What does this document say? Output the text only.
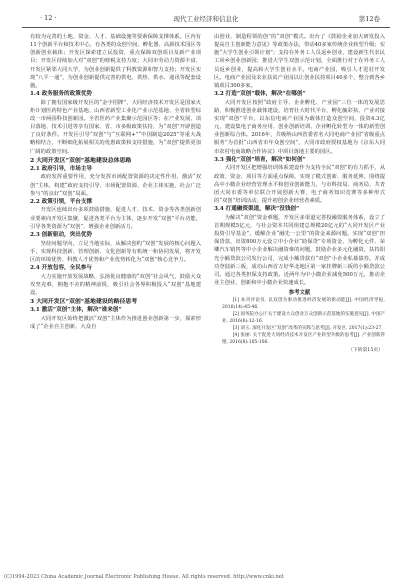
· 12 ·	现代工业经济和信息化	第12卷

有较为完善的土地、资金、人才、基础设施等要素保障支撑体系。区内有11个创新平台和技术中心，有各类的众创空间、孵化器、高新技术园区等创新创业载体；开发区探索建立民投资，重点保障双创项目及新产业项目；开发区持续加大对“双创”的财税支持力度；大同市劳动力资源丰富，开发区紧邻大同大学，为创业创新提供了科教资源和智力支持；开发区实现“八平一通”，为创业创新提供完善的供电、供热、供水、通讯等配套设施。

1.4 政务服务的政策优势

除了拥有国家级开发区的“金字招牌”，大同经济技术开发区是国家火炬计划医药特色产业基地、山西省新型工业化产业示范基地、全省转型综改一市两园科技创新园。全省医药产业集聚示范园区等；在产业发展、项目落地、技术引进等享有国家、省、市多级政策扶持，为“双创”开辟创造了良好条件。开发区引导“双创”与“互联网+”“中国制造2025”等重大战略相结合，不断细化拓展相关的优惠政策和支持措施，为“双创”提供更加广阔的政策空间。

2 大同开发区“双创”基地建设总体思路
2.1 政府引导，市场主导

政府发挥重要作用，充分发挥市场配置资源的决定性作用，激活“双创”主体，构建“政府支持引导、市场配置资源、企业主体实施、社会广泛参与”的良好“双创”局面。

2.2 政策引领，平台支撑

开发区连续出台多项鼓励措施、促进人才、技术、资金等各类创新创业要素向开发区集聚，促进各类平台为主体，逐步开发“双创”平台功能，引导各类资源为“双创”，增强企业创新活力。

2.3 创新驱动，突出优势

坚持问题导向，立足当地实际，从解决创约“双创”发展的核心问题入手，实现科技创新、管理创新、文化创新等有机统一和协同发展，将开发区的环境优势、科教人才优势和产业优势转化为“双创”核心竞争力。

2.4 开放包容，全民参与

大力实施开放发展战略，弘扬优良健康的“双创”社会风气，鼓励大众攻坚克难，拥抱不舍的精神前锐，吸引社会各界积极投入“双创”基地建设。

3 大同开发区“双创”基地建设的路径思考
3.1 激活“双创”主体，解决“谁来创”

大同开发区始终把激活“双创”主体作为推进创业创新第一步，探索形成了“企业自主创新、大众自

由创业、制造程领的创”的“双创”模式。出台了《鼓励企业加大研发投入提高自主创新能力意见》等政策办法，带动40多家传统企业转型升级；实施“大学生创业引领计划”；支持在外务工人员返乡创业，建设新生代农民工回乡创业创新园；推进大学生双创示范计划，全面推行对于在外务工人员返乡创业，提高和大学生创业水平。电商产业园，吸引人才进驻开发区。电商产业园及农业扶贫产业园以让创业扶持项目40多个，整合到各乡镇项目300多家。

3.2 打造“双创”载体，解决“在哪创”

大同开发区按照“政府主导、企业孵化、产业园”三位一体的发展思路，积极推进创业载体建设，培育壮大时代平台，孵化毓彩执、产业对接实现“双创”平台，以东信电商产业园为载体打造众创空间，投资4.3亿元，建设集电子商务应用、创业创新培训、企业孵化转型为一体的新型创业创新综合体。2016年，共吸纳山西省委省名大同电商产业园“省级重点服务”为首批“山西省市年众创空间”，大同市政府授权基地为《京东大同市农村电商战略合作协议》中项目落地主要的园区。

3.3 强化“双创”培育，解决“如何创”

大同开发区把增强培训体系建设作为支持全民“双创”的有力抓手，从政策、资金、项目等方面重点保障，实现了模式创新、服务延伸。围绕提高中小微企业经营管理水平和创业创新能力，与市科技局、商务局、共青团大同市委等单位联合开展创新大赛、电子商务知识竞赛等多种形式的“双创”培训活动，提升初创企业经营者素质。

3.4 打通融资渠道，解决“没钱创”

为解决“双创”资金难题，开发区多渠道完善投融资服务体系，设立了首期规模5亿元，与社会资本共同组建总规模20亿元的“大同开发区产业投资引导基金”，缓解企业“融先一公里”的资金来源问题。实现“双创”担保贷款，出资800万元设立中小企业“助保贷”专项资金，为孵化元件、荣卿汽车销售等中小企业解决融资难的问题，鼓励企业多元化融资，扶持阳光小额贷款公司发行公司，完成小额贷款有“双创”小企业私募债券。并成功登陆新三板，成功山西首万好华北地区第一家挂牌新三板的小额贷款公司。通过各类担保支持政策。近两年为中小微企业减免500万元，推动企业主创业，创新和中小微企业快速成长。

参考文献

[1] 本刊评论员. 以双创为驱动推进经济发展的新动能[J]. 中国经济导报, 2016(14):45-46.

[2] 国务院办公厅关于建设大众创业万众创新示范基地的实施意见[J]. 中国产业, 2016(6):12-16.

[3] 刘玉. 深化开发区“双创”改革的实践与思考[J]. 开发区, 2017(1):23-27.

[4] 张丽. 关于促进大同经济技术开发区产业转型升级的思考[J]. 产业创新管理, 2016(8):105-106.

（下转第15页）
(C)1994-2023 China Academic Journal Electronic Publishing House. All rights reserved. http://www.cnki.net
